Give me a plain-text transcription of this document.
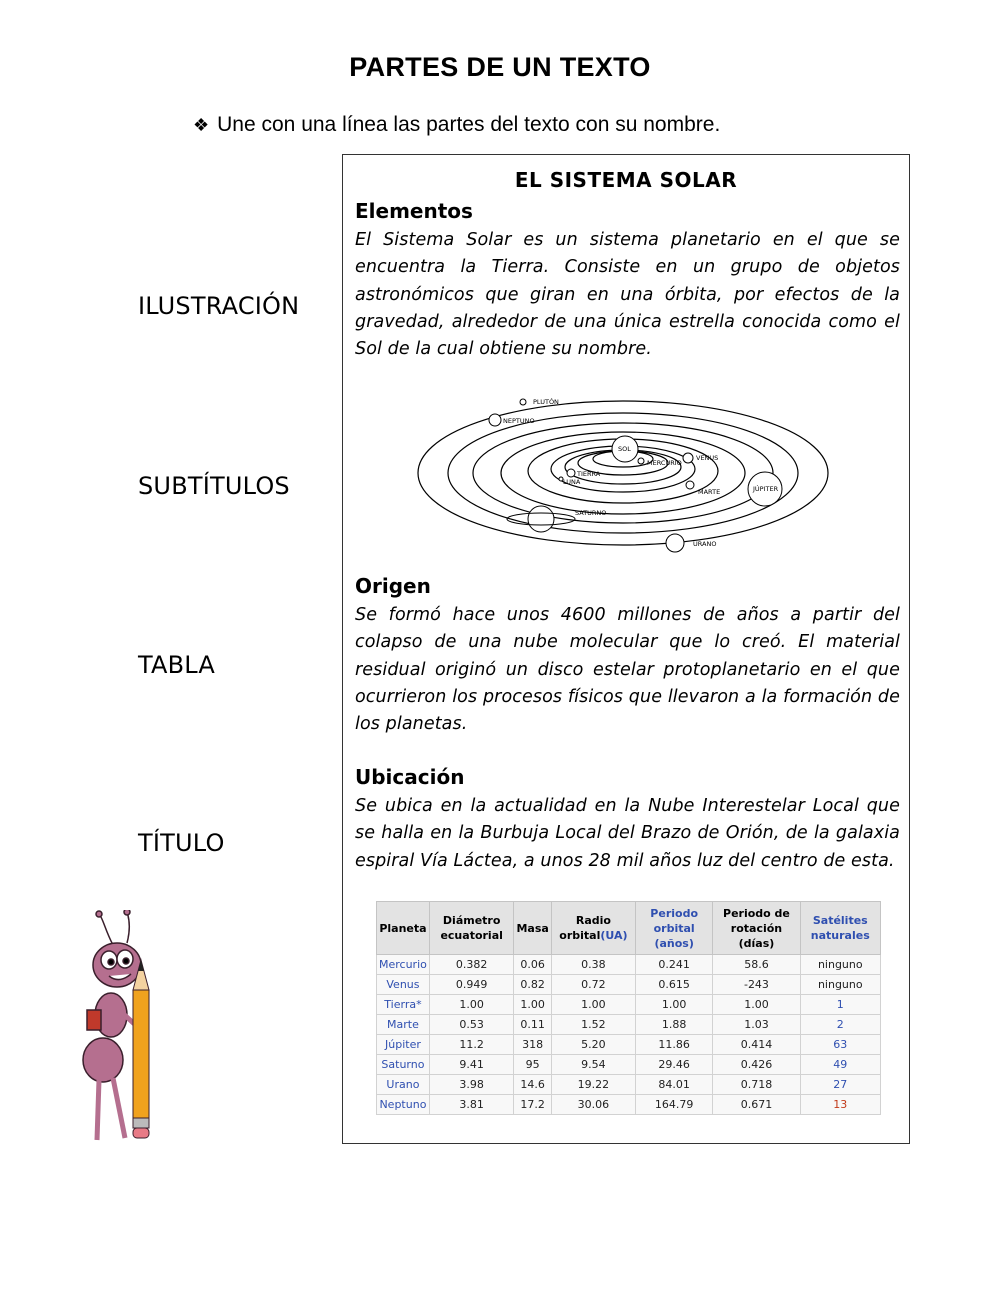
PARTES DE UN TEXTO
❖ Une con una línea las partes del texto con su nombre.
ILUSTRACIÓN
SUBTÍTULOS
TABLA
TÍTULO
EL SISTEMA SOLAR
Elementos
El Sistema Solar es un sistema planetario en el que se encuentra la Tierra. Consiste en un grupo de objetos astronómicos que giran en una órbita, por efectos de la gravedad, alrededor de una única estrella conocida como el Sol de la cual obtiene su nombre.
PLUTÓN
NEPTUNO
SOL
VENUS
MERCURIO
TIERRA
LUNA
MARTE	JÚPITER
SATURNO
URANO
Origen
Se formó hace unos 4600 millones de años a partir del colapso de una nube molecular que lo creó. El material residual originó un disco estelar protoplanetario en el que ocurrieron los procesos físicos que llevaron a la formación de los planetas.
Ubicación
Se ubica en la actualidad en la Nube Interestelar Local que se halla en la Burbuja Local del Brazo de Orión, de la galaxia espiral Vía Láctea, a unos 28 mil años luz del centro de esta.
Planeta	Diámetro ecuatorial	Masa	Radio orbital(UA)	Periodo orbital (años)	Periodo de rotación (días)	Satélites naturales
Mercurio	0.382	0.06	0.38	0.241	58.6	ninguno
Venus	0.949	0.82	0.72	0.615	-243	ninguno
Tierra*	1.00	1.00	1.00	1.00	1.00	1
Marte	0.53	0.11	1.52	1.88	1.03	2
Júpiter	11.2	318	5.20	11.86	0.414	63
Saturno	9.41	95	9.54	29.46	0.426	49
Urano	3.98	14.6	19.22	84.01	0.718	27
Neptuno	3.81	17.2	30.06	164.79	0.671	13
